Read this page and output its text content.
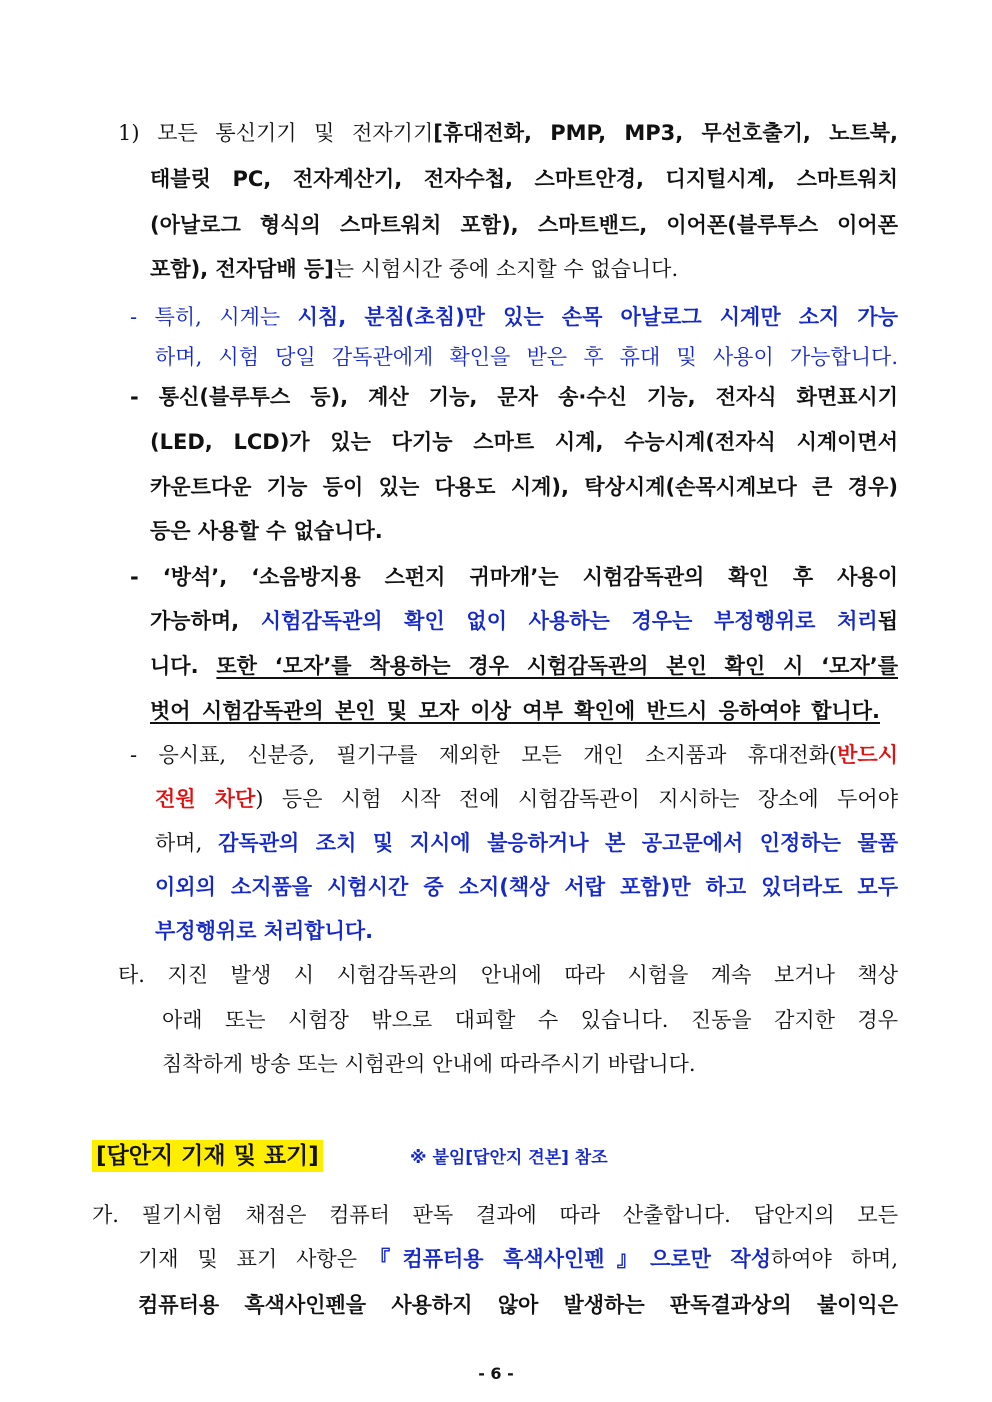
1) 모든 통신기기 및 전자기기[휴대전화, PMP, MP3, 무선호출기, 노트북,
태블릿 PC, 전자계산기, 전자수첩, 스마트안경, 디지털시계, 스마트워치
(아날로그 형식의 스마트워치 포함), 스마트밴드, 이어폰(블루투스 이어폰
포함), 전자담배 등]는 시험시간 중에 소지할 수 없습니다.
- 특히, 시계는 시침, 분침(초침)만 있는 손목 아날로그 시계만 소지 가능
하며, 시험 당일 감독관에게 확인을 받은 후 휴대 및 사용이 가능합니다.
- 통신(블루투스 등), 계산 기능, 문자 송·수신 기능, 전자식 화면표시기
(LED, LCD)가 있는 다기능 스마트 시계, 수능시계(전자식 시계이면서
카운트다운 기능 등이 있는 다용도 시계), 탁상시계(손목시계보다 큰 경우)
등은 사용할 수 없습니다.
- ‘방석’, ‘소음방지용 스펀지 귀마개’는 시험감독관의 확인 후 사용이
가능하며, 시험감독관의 확인 없이 사용하는 경우는 부정행위로 처리됩
니다. 또한 ‘모자’를 착용하는 경우 시험감독관의 본인 확인 시 ‘모자’를
벗어 시험감독관의 본인 및 모자 이상 여부 확인에 반드시 응하여야 합니다.
- 응시표, 신분증, 필기구를 제외한 모든 개인 소지품과 휴대전화(반드시
전원 차단) 등은 시험 시작 전에 시험감독관이 지시하는 장소에 두어야
하며, 감독관의 조치 및 지시에 불응하거나 본 공고문에서 인정하는 물품
이외의 소지품을 시험시간 중 소지(책상 서랍 포함)만 하고 있더라도 모두
부정행위로 처리합니다.
타. 지진 발생 시 시험감독관의 안내에 따라 시험을 계속 보거나 책상
아래 또는 시험장 밖으로 대피할 수 있습니다. 진동을 감지한 경우
침착하게 방송 또는 시험관의 안내에 따라주시기 바랍니다.
[답안지 기재 및 표기]	※ 붙임[답안지 견본] 참조
가. 필기시험 채점은 컴퓨터 판독 결과에 따라 산출합니다. 답안지의 모든
기재 및 표기 사항은『컴퓨터용 흑색사인펜』으로만 작성하여야 하며,
컴퓨터용 흑색사인펜을 사용하지 않아 발생하는 판독결과상의 불이익은
- 6 -
